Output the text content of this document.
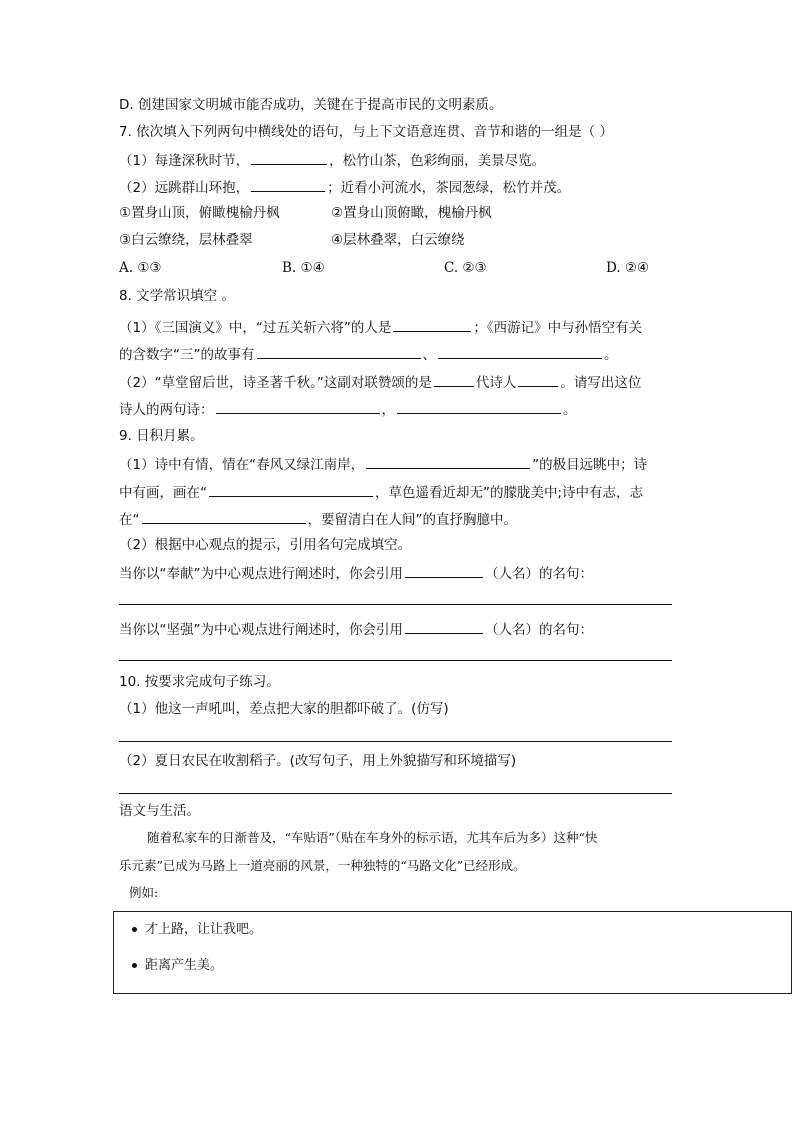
D. 创建国家文明城市能否成功，关键在于提高市民的文明素质。
7. 依次填入下列两句中横线处的语句，与上下文语意连贯、音节和谐的一组是（ ）
（1）每逢深秋时节，	，松竹山茶，色彩绚丽，美景尽览。
（2）远跳群山环抱，	；近看小河流水，茶园葱绿，松竹并茂。
①置身山顶，俯瞰槐榆丹枫	②置身山顶俯瞰，槐榆丹枫
③白云缭绕，层林叠翠	④层林叠翠，白云缭绕
A. ①③	B. ①④	C. ②③	D. ②④
8. 文学常识填空 。
（1）《三国演义》中，“过五关斩六将”的人是	；《西游记》中与孙悟空有关
的含数字“三”的故事有	、	。
（2）“草堂留后世，诗圣著千秋。”这副对联赞颂的是	代诗人	。请写出这位
诗人的两句诗：	，	。
9. 日积月累。
（1）诗中有情，情在“春风又绿江南岸，	”的极目远眺中；诗
中有画，画在“	，草色遥看近却无”的朦胧美中;诗中有志，志
在“	，要留清白在人间”的直抒胸臆中。
（2）根据中心观点的提示，引用名句完成填空。
当你以“奉献”为中心观点进行阐述时，你会引用	（人名）的名句：
当你以“坚强”为中心观点进行阐述时，你会引用	（人名）的名句：
10. 按要求完成句子练习。
（1）他这一声吼叫，差点把大家的胆都吓破了。(仿写)
（2）夏日农民在收割稻子。(改写句子，用上外貌描写和环境描写)
语文与生活。
随着私家车的日渐普及，“车贴语”（贴在车身外的标示语，尤其车后为多）这种“快
乐元素”已成为马路上一道亮丽的风景，一种独特的“马路文化”已经形成。
例如:
才上路，让让我吧。
距离产生美。
